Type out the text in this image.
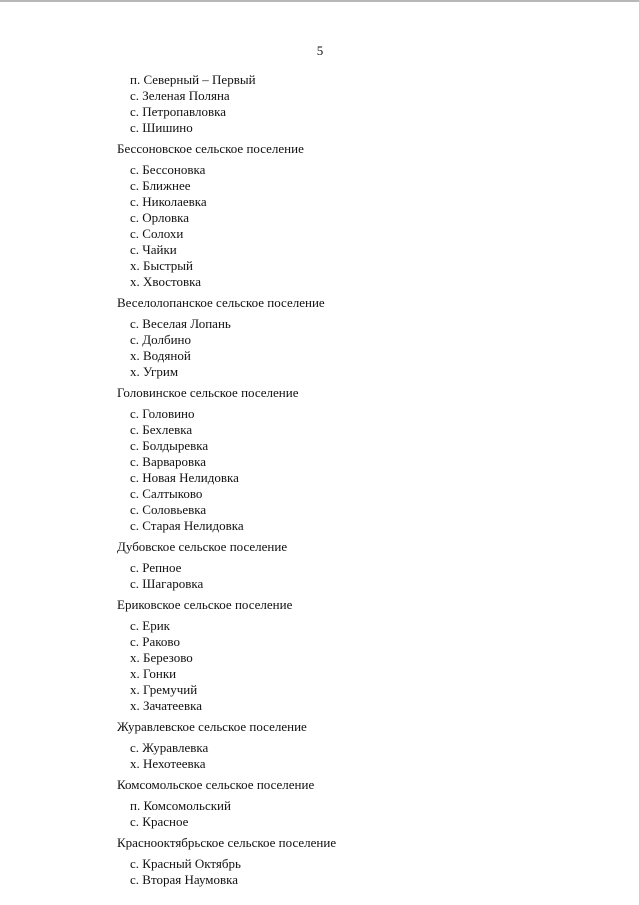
5
п. Северный – Первый
с. Зеленая Поляна
с. Петропавловка
с. Шишино
Бессоновское сельское поселение
с. Бессоновка
с. Ближнее
с. Николаевка
с. Орловка
с. Солохи
с. Чайки
х. Быстрый
х. Хвостовка
Веселолопанское сельское поселение
с. Веселая Лопань
с. Долбино
х. Водяной
х. Угрим
Головинское сельское поселение
с. Головино
с. Бехлевка
с. Болдыревка
с. Варваровка
с. Новая Нелидовка
с. Салтыково
с. Соловьевка
с. Старая Нелидовка
Дубовское сельское поселение
с. Репное
с. Шагаровка
Ериковское сельское поселение
с. Ерик
с. Раково
х. Березово
х. Гонки
х. Гремучий
х. Зачатеевка
Журавлевское сельское поселение
с. Журавлевка
х. Нехотеевка
Комсомольское сельское поселение
п. Комсомольский
с. Красное
Краснооктябрьское сельское поселение
с. Красный Октябрь
с. Вторая Наумовка
